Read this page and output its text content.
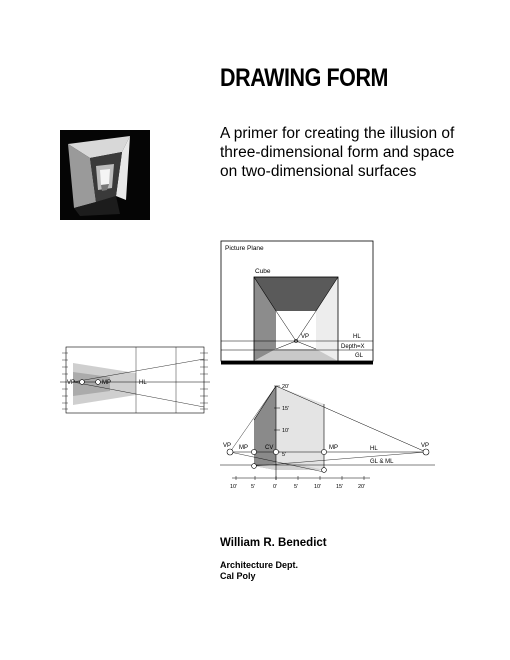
DRAWING FORM
A primer for creating the illusion of
three-dimensional form and space
on two-dimensional surfaces
Picture Plane
Cube
VP	HL
Depth=X
GL
VP	MP	HL
VP	VP
MP	CV	MP	HL
GL & ML
20'
15'
10'
5'
10'	5'	0'	5'	10'	15'	20'
William R. Benedict
Architecture Dept.
Cal Poly
